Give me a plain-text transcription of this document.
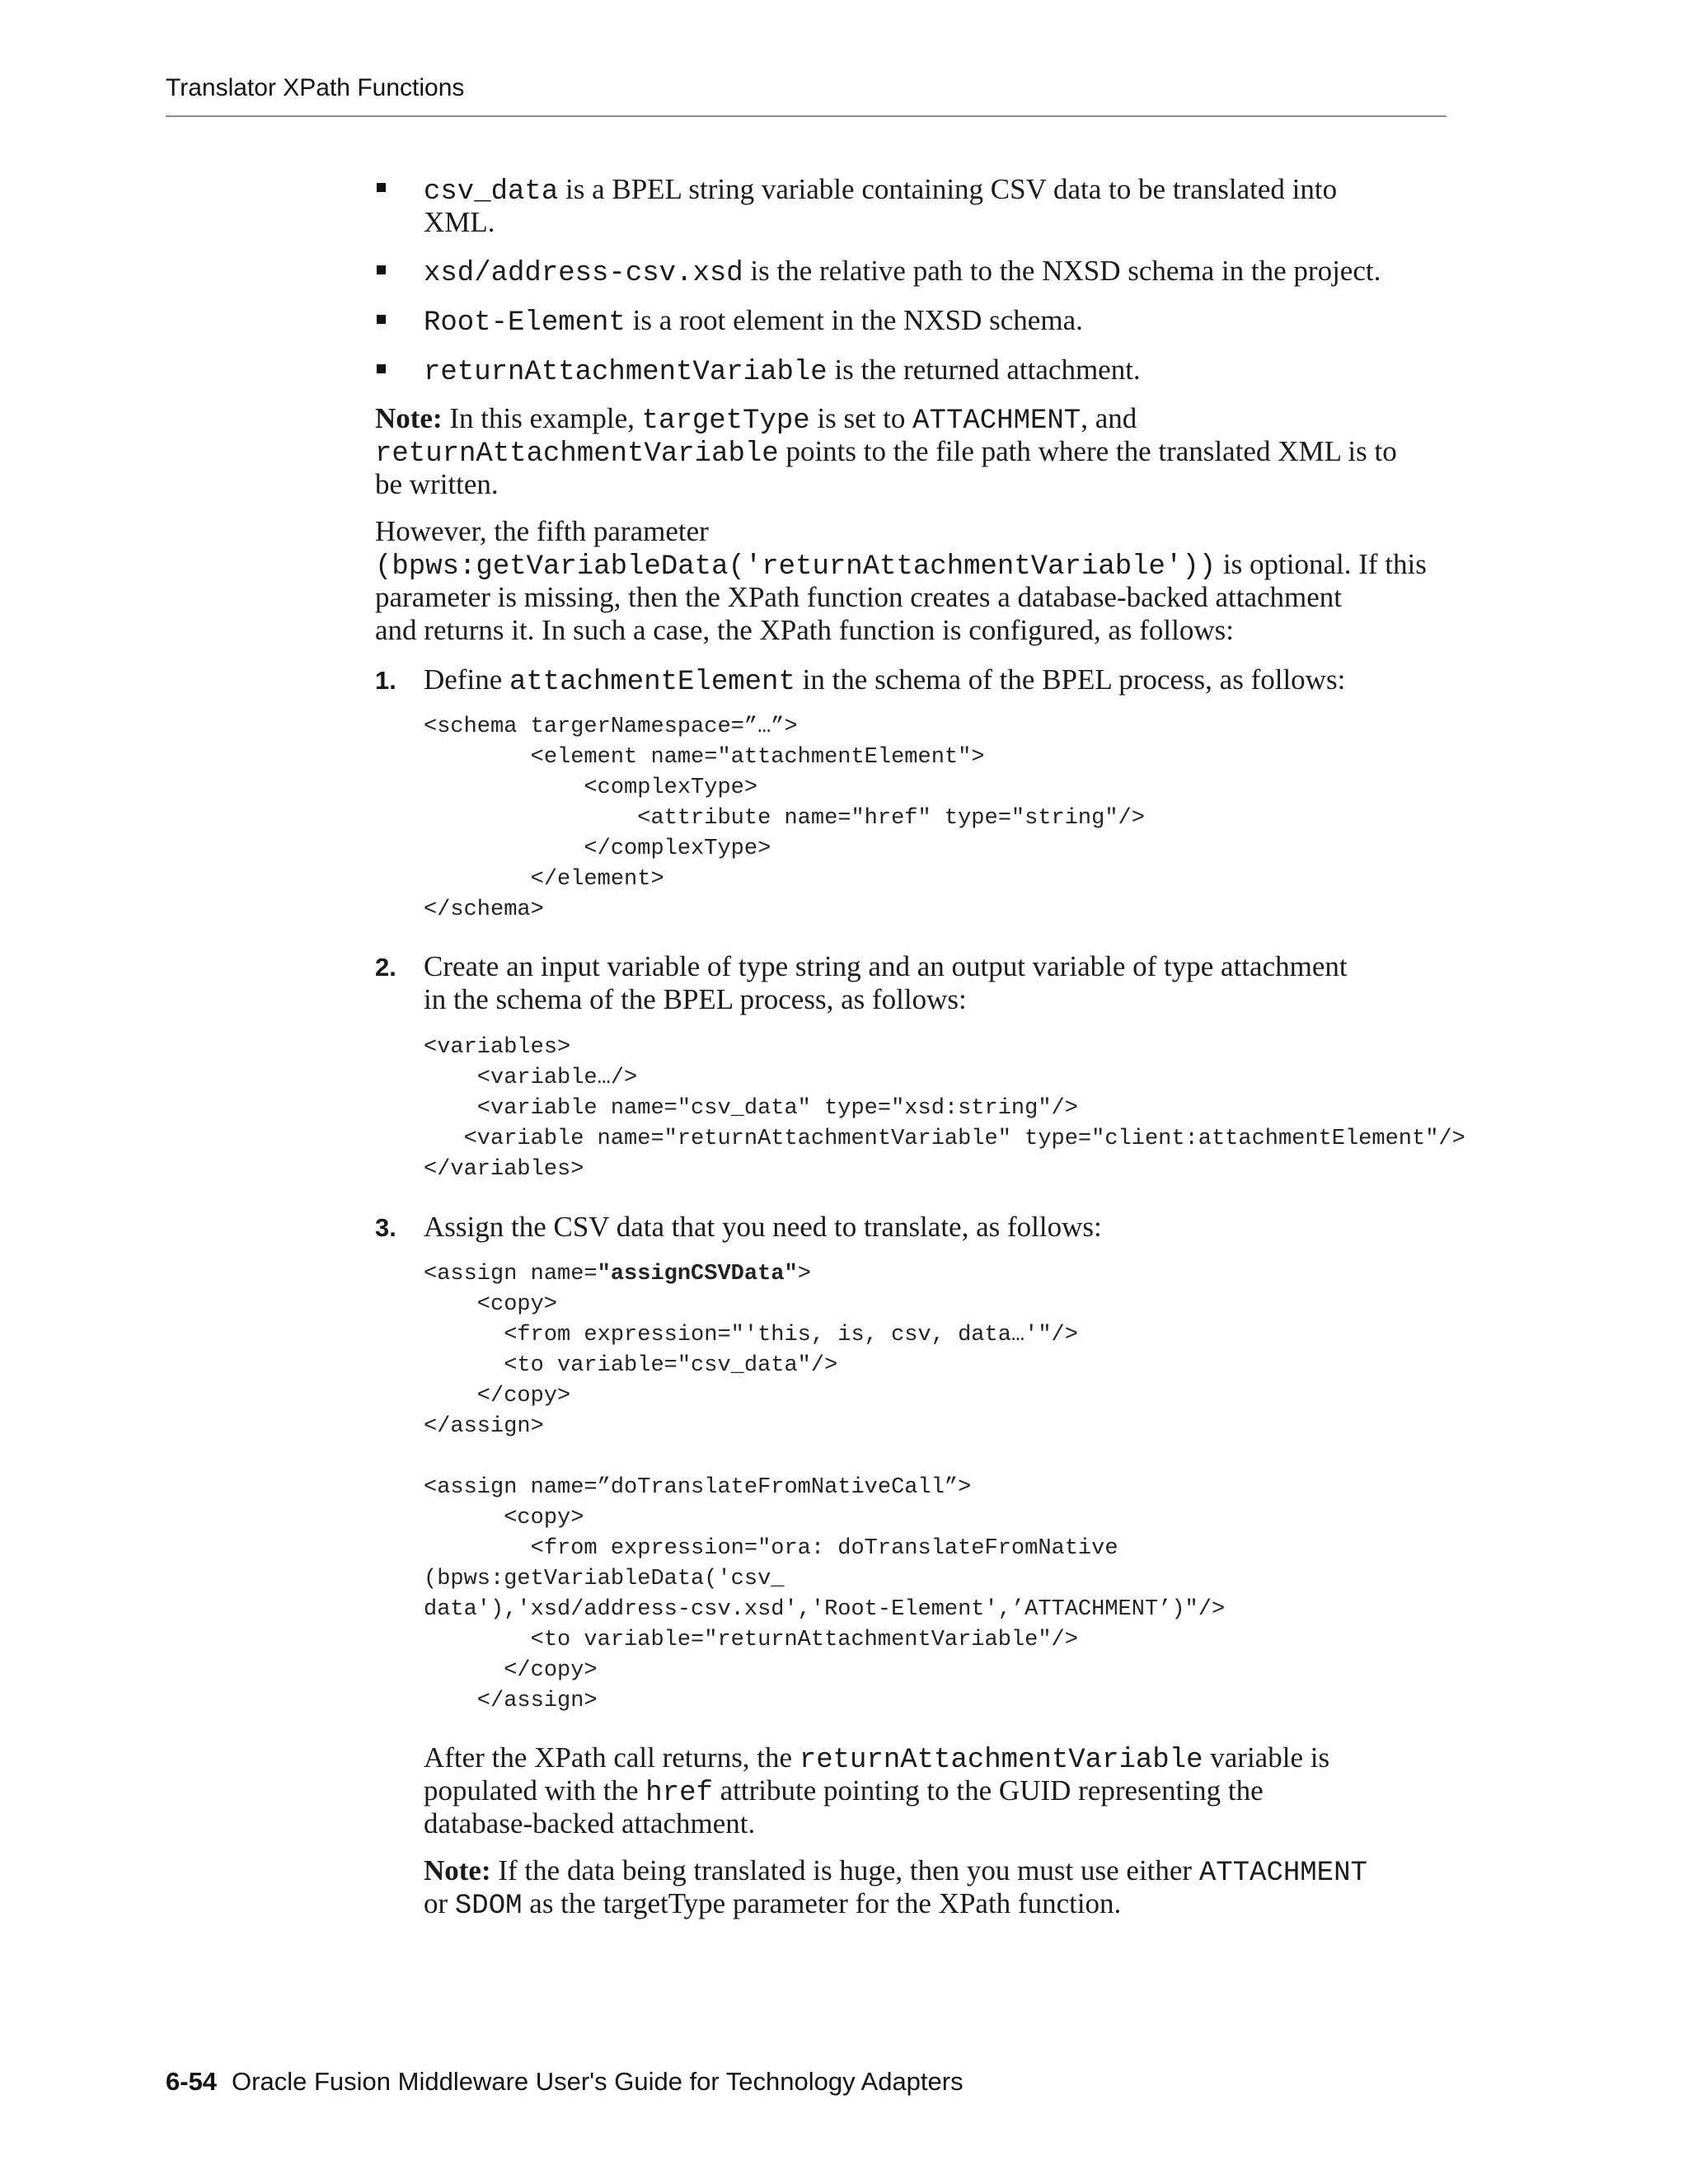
Translator XPath Functions
csv_data is a BPEL string variable containing CSV data to be translated into
XML.
xsd/address-csv.xsd is the relative path to the NXSD schema in the project.
Root-Element is a root element in the NXSD schema.
returnAttachmentVariable is the returned attachment.
Note: In this example, targetType is set to ATTACHMENT, and
returnAttachmentVariable points to the file path where the translated XML is to
be written.
However, the fifth parameter
(bpws:getVariableData('returnAttachmentVariable')) is optional. If this
parameter is missing, then the XPath function creates a database-backed attachment
and returns it. In such a case, the XPath function is configured, as follows:
1. Define attachmentElement in the schema of the BPEL process, as follows:
<schema targerNamespace=”…”>
<element name="attachmentElement">
<complexType>
<attribute name="href" type="string"/>
</complexType>
</element>
</schema>
2. Create an input variable of type string and an output variable of type attachment
in the schema of the BPEL process, as follows:
<variables>
<variable…/>
<variable name="csv_data" type="xsd:string"/>
<variable name="returnAttachmentVariable" type="client:attachmentElement"/>
</variables>
3. Assign the CSV data that you need to translate, as follows:
<assign name="assignCSVData">
<copy>
<from expression="'this, is, csv, data…'"/>
<to variable="csv_data"/>
</copy>
</assign>
<assign name=”doTranslateFromNativeCall”>
<copy>
<from expression="ora: doTranslateFromNative
(bpws:getVariableData('csv_
data'),'xsd/address-csv.xsd','Root-Element',’ATTACHMENT’)"/>
<to variable="returnAttachmentVariable"/>
</copy>
</assign>
After the XPath call returns, the returnAttachmentVariable variable is
populated with the href attribute pointing to the GUID representing the
database-backed attachment.
Note: If the data being translated is huge, then you must use either ATTACHMENT
or SDOM as the targetType parameter for the XPath function.
6-54 Oracle Fusion Middleware User's Guide for Technology Adapters
